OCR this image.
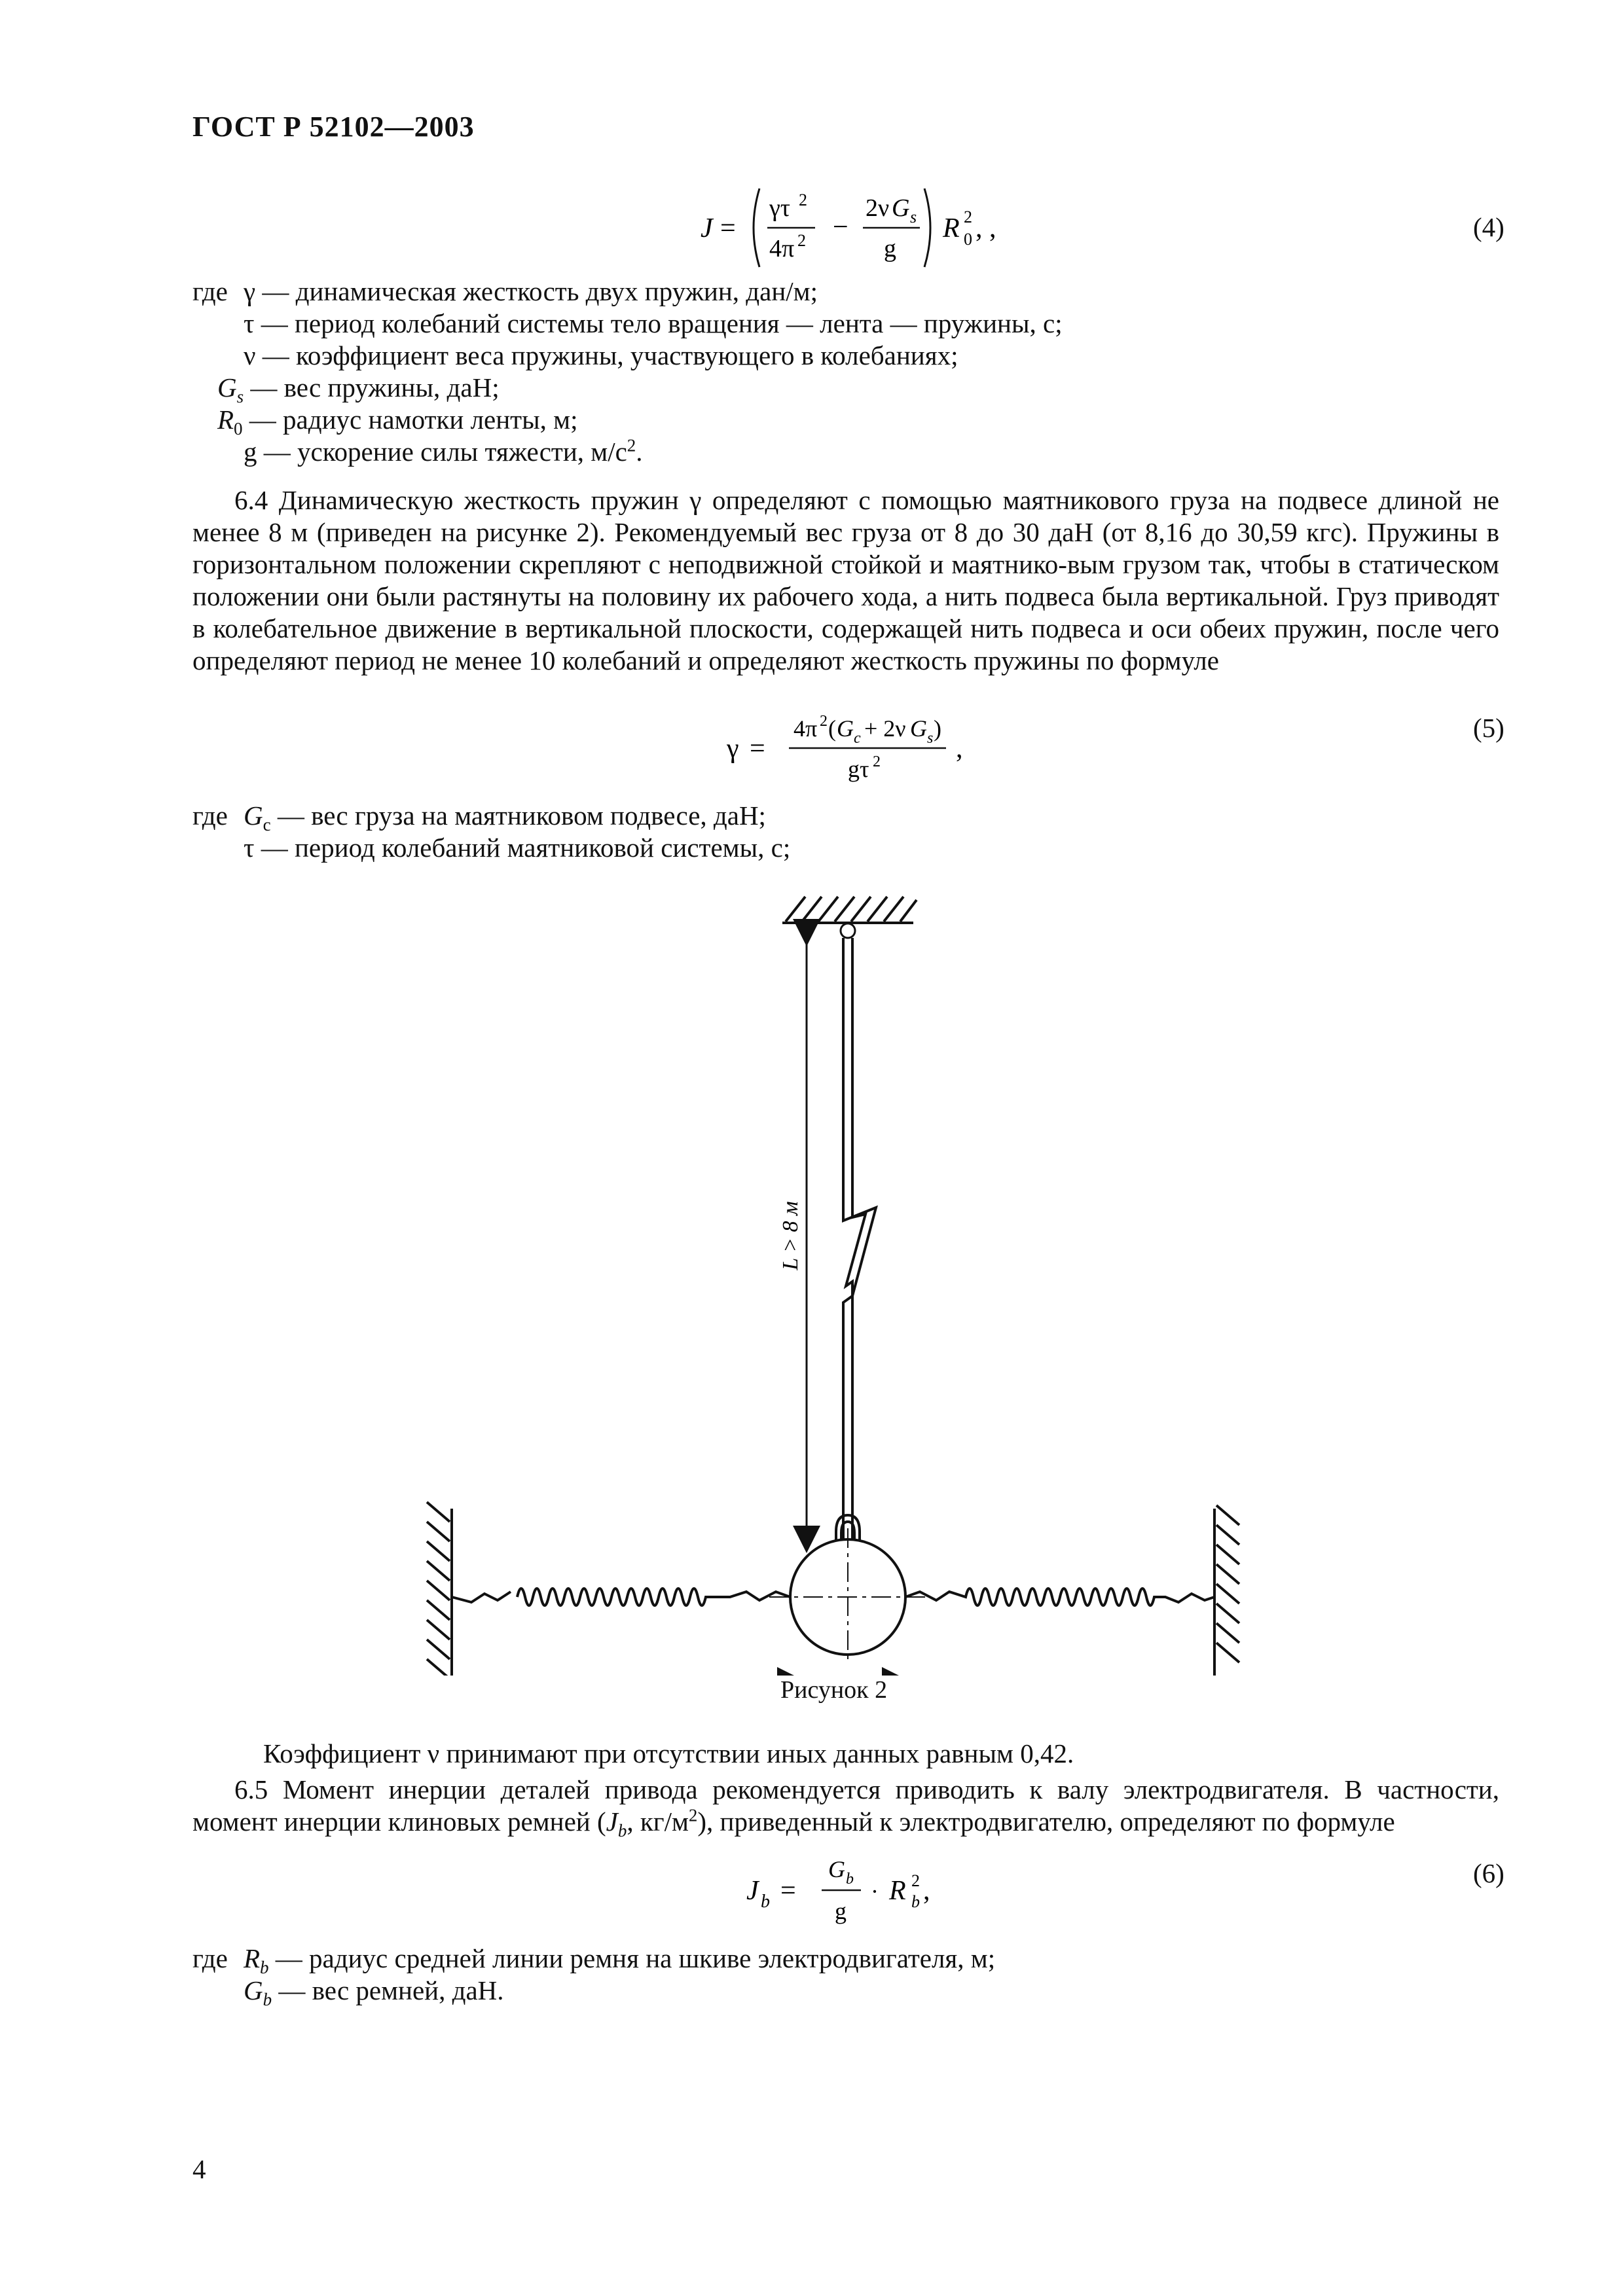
ГОСТ Р 52102—2003
J =
γτ 2
4π 2 −
2ν G s
g
R 2
0 , ,	(4)
где γ — динамическая жесткость двух пружин, дан/м;
τ — период колебаний системы тело вращения — лента — пружины, с;
ν — коэффициент веса пружины, участвующего в колебаниях;
$G_s$ — вес пружины, даН;
$R_0$ — радиус намотки ленты, м;
g — ускорение силы тяжести, $м/с^2$.
6.4 Динамическую жесткость пружин γ определяют с помощью маятникового груза на подвесе длиной не менее 8 м (приведен на рисунке 2). Рекомендуемый вес груза от 8 до 30 даН (от 8,16 до 30,59 кгс). Пружины в горизонтальном положении скрепляют с неподвижной стойкой и маятнико-вым грузом так, чтобы в статическом положении они были растянуты на половину их рабочего хода, а нить подвеса была вертикальной. Груз приводят в колебательное движение в вертикальной плоскости, содержащей нить подвеса и оси обеих пружин, после чего определяют период не менее 10 колебаний и определяют жесткость пружины по формуле
γ =
4π 2 ( G c + 2ν G s )
gτ 2	,
(5)
где $G_с$ — вес груза на маятниковом подвесе, даН;
τ — период колебаний маятниковой системы, с;
L > 8 м
Рисунок 2
Коэффициент ν принимают при отсутствии иных данных равным 0,42.
6.5 Момент инерции деталей привода рекомендуется приводить к валу электродвигателя. В частности, момент инерции клиновых ремней ($J_b$, $кг/м^2$), приведенный к электродвигателю, определяют по формуле
J b =
G b
g
· R 2
b ,
(6)
где $R_b$ — радиус средней линии ремня на шкиве электродвигателя, м;
$G_b$ — вес ремней, даН.
4
